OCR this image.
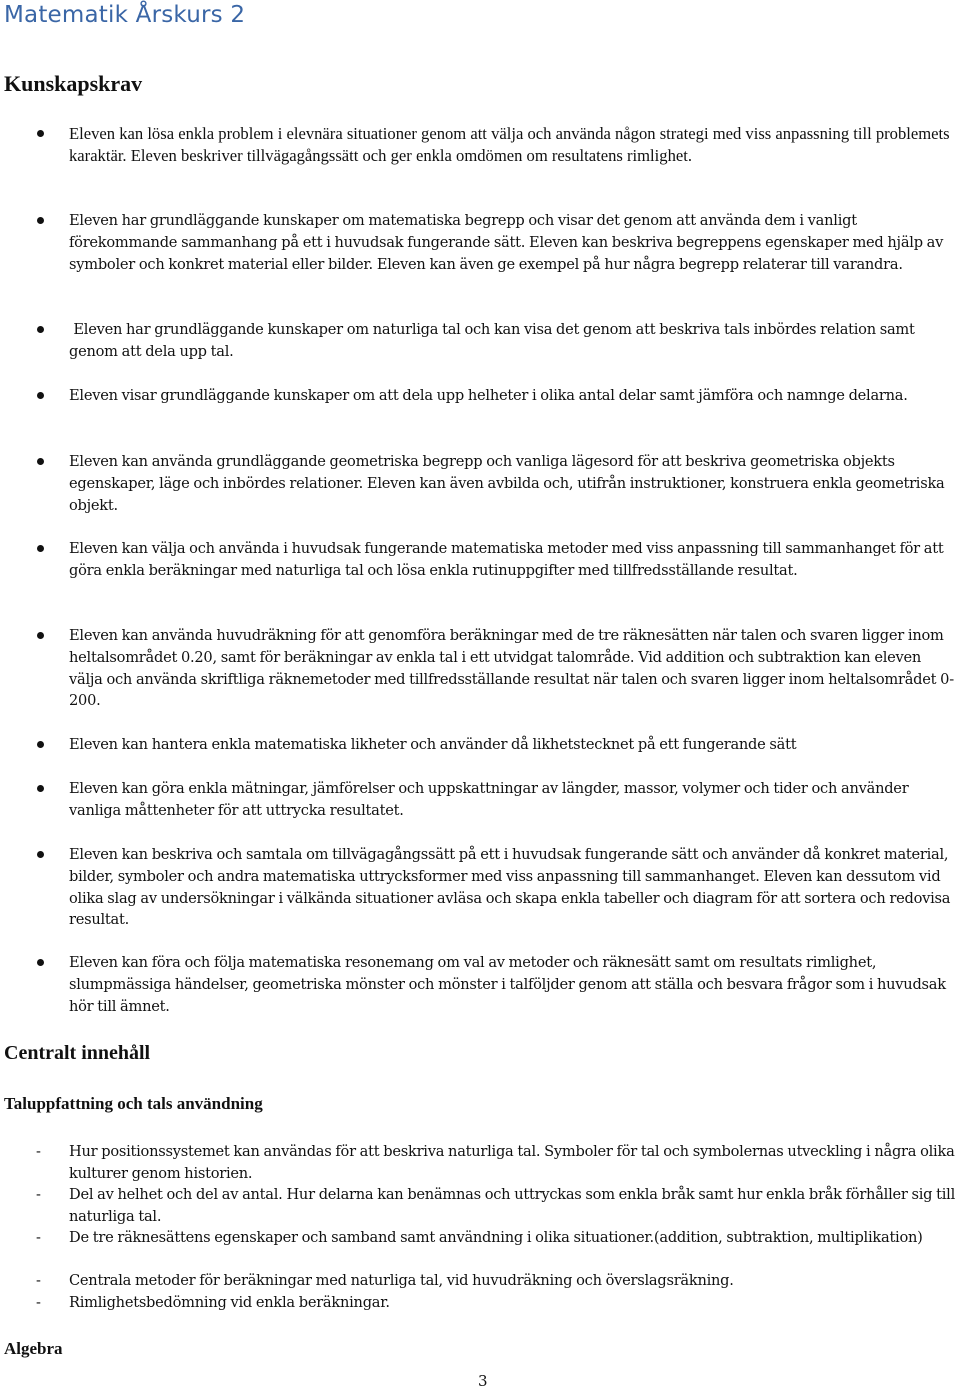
Matematik Årskurs 2
Kunskapskrav
Eleven kan lösa enkla problem i elevnära situationer genom att välja och använda någon strategi med viss anpassning till problemets karaktär. Eleven beskriver tillvägagångssätt och ger enkla omdömen om resultatens rimlighet.
Eleven har grundläggande kunskaper om matematiska begrepp och visar det genom att använda dem i vanligt förekommande sammanhang på ett i huvudsak fungerande sätt. Eleven kan beskriva begreppens egenskaper med hjälp av symboler och konkret material eller bilder. Eleven kan även ge exempel på hur några begrepp relaterar till varandra.
Eleven har grundläggande kunskaper om naturliga tal och kan visa det genom att beskriva tals inbördes relation samt genom att dela upp tal.
Eleven visar grundläggande kunskaper om att dela upp helheter i olika antal delar samt jämföra och namnge delarna.
Eleven kan använda grundläggande geometriska begrepp och vanliga lägesord för att beskriva geometriska objekts egenskaper, läge och inbördes relationer. Eleven kan även avbilda och, utifrån instruktioner, konstruera enkla geometriska objekt.
Eleven kan välja och använda i huvudsak fungerande matematiska metoder med viss anpassning till sammanhanget för att göra enkla beräkningar med naturliga tal och lösa enkla rutinuppgifter med tillfredsställande resultat.
Eleven kan använda huvudräkning för att genomföra beräkningar med de tre räknesätten när talen och svaren ligger inom heltalsområdet 0.20, samt för beräkningar av enkla tal i ett utvidgat talområde. Vid addition och subtraktion kan eleven välja och använda skriftliga räknemetoder med tillfredsställande resultat när talen och svaren ligger inom heltalsområdet 0-200.
Eleven kan hantera enkla matematiska likheter och använder då likhetstecknet på ett fungerande sätt
Eleven kan göra enkla mätningar, jämförelser och uppskattningar av längder, massor, volymer och tider och använder vanliga måttenheter för att uttrycka resultatet.
Eleven kan beskriva och samtala om tillvägagångssätt på ett i huvudsak fungerande sätt och använder då konkret material, bilder, symboler och andra matematiska uttrycksformer med viss anpassning till sammanhanget. Eleven kan dessutom vid olika slag av undersökningar i välkända situationer avläsa och skapa enkla tabeller och diagram för att sortera och redovisa resultat.
Eleven kan föra och följa matematiska resonemang om val av metoder och räknesätt samt om resultats rimlighet, slumpmässiga händelser, geometriska mönster och mönster i talföljder genom att ställa och besvara frågor som i huvudsak hör till ämnet.
Centralt innehåll
Taluppfattning och tals användning
- Hur positionssystemet kan användas för att beskriva naturliga tal. Symboler för tal och symbolernas utveckling i några olika kulturer genom historien.
- Del av helhet och del av antal. Hur delarna kan benämnas och uttryckas som enkla bråk samt hur enkla bråk förhåller sig till naturliga tal.
- De tre räknesättens egenskaper och samband samt användning i olika situationer.(addition, subtraktion, multiplikation)
- Centrala metoder för beräkningar med naturliga tal, vid huvudräkning och överslagsräkning.
- Rimlighetsbedömning vid enkla beräkningar.
Algebra
3
